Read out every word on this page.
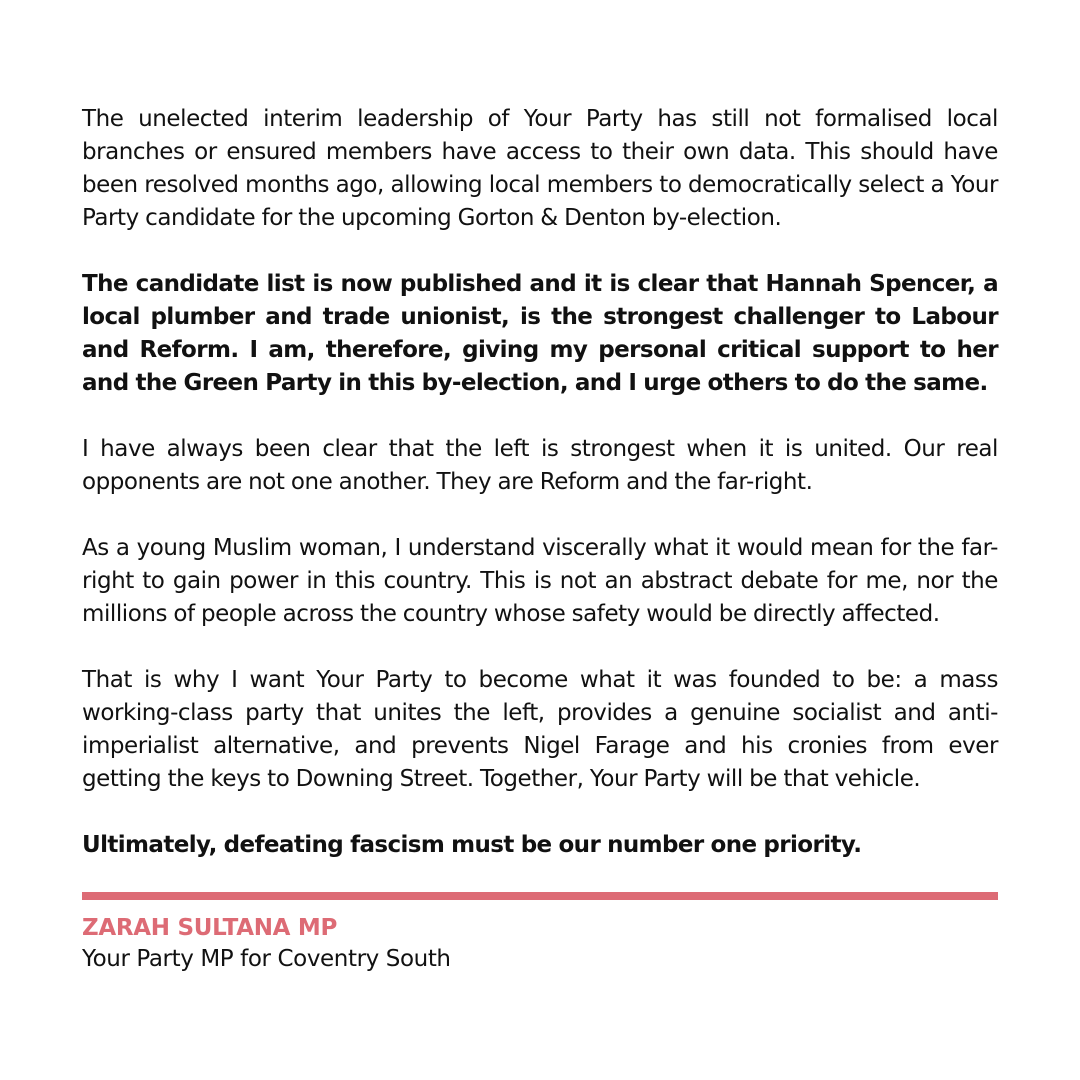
The unelected interim leadership of Your Party has still not formalised local branches or ensured members have access to their own data. This should have been resolved months ago, allowing local members to democratically select a Your Party candidate for the upcoming Gorton & Denton by-election.

The candidate list is now published and it is clear that Hannah Spencer, a local plumber and trade unionist, is the strongest challenger to Labour and Reform. I am, therefore, giving my personal critical support to her and the Green Party in this by-election, and I urge others to do the same.

I have always been clear that the left is strongest when it is united. Our real opponents are not one another. They are Reform and the far-right.

As a young Muslim woman, I understand viscerally what it would mean for the far-right to gain power in this country. This is not an abstract debate for me, nor the millions of people across the country whose safety would be directly affected.

That is why I want Your Party to become what it was founded to be: a mass working-class party that unites the left, provides a genuine socialist and anti-imperialist alternative, and prevents Nigel Farage and his cronies from ever getting the keys to Downing Street. Together, Your Party will be that vehicle.

Ultimately, defeating fascism must be our number one priority.

ZARAH SULTANA MP
Your Party MP for Coventry South
